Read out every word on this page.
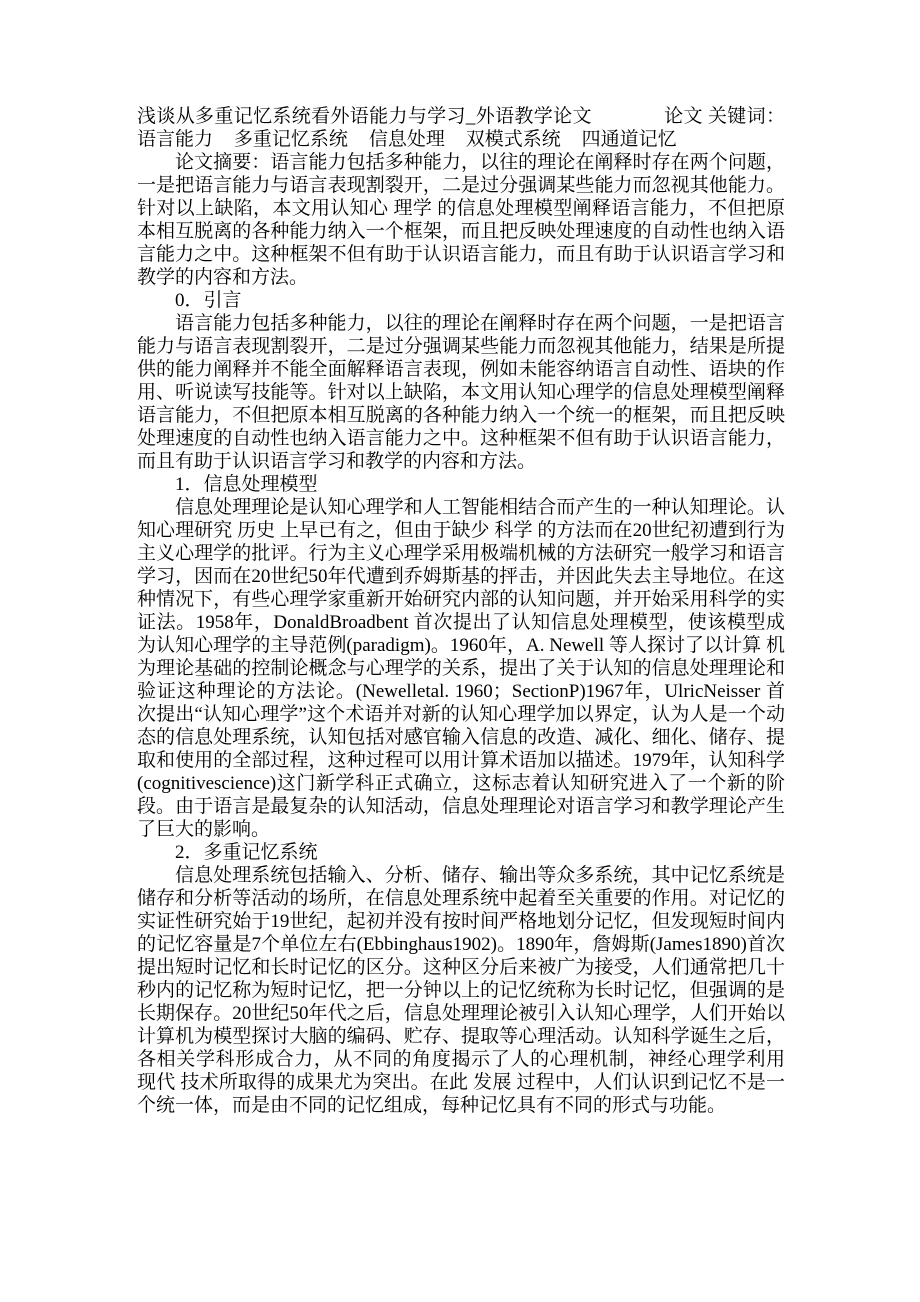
浅谈从多重记忆系统看外语能力与学习_外语教学论文	论文 关键词：语言能力 多重记忆系统 信息处理 双模式系统 四通道记忆

论文摘要：语言能力包括多种能力，以往的理论在阐释时存在两个问题，一是把语言能力与语言表现割裂开，二是过分强调某些能力而忽视其他能力。针对以上缺陷，本文用认知心 理学 的信息处理模型阐释语言能力，不但把原本相互脱离的各种能力纳入一个框架，而且把反映处理速度的自动性也纳入语言能力之中。这种框架不但有助于认识语言能力，而且有助于认识语言学习和教学的内容和方法。

0．引言

语言能力包括多种能力，以往的理论在阐释时存在两个问题，一是把语言能力与语言表现割裂开，二是过分强调某些能力而忽视其他能力，结果是所提供的能力阐释并不能全面解释语言表现，例如未能容纳语言自动性、语块的作用、听说读写技能等。针对以上缺陷，本文用认知心理学的信息处理模型阐释语言能力，不但把原本相互脱离的各种能力纳入一个统一的框架，而且把反映处理速度的自动性也纳入语言能力之中。这种框架不但有助于认识语言能力，而且有助于认识语言学习和教学的内容和方法。

1．信息处理模型

信息处理理论是认知心理学和人工智能相结合而产生的一种认知理论。认知心理研究 历史 上早已有之，但由于缺少 科学 的方法而在20世纪初遭到行为主义心理学的批评。行为主义心理学采用极端机械的方法研究一般学习和语言学习，因而在20世纪50年代遭到乔姆斯基的抨击，并因此失去主导地位。在这种情况下，有些心理学家重新开始研究内部的认知问题，并开始采用科学的实证法。1958年，DonaldBroadbent 首次提出了认知信息处理模型，使该模型成为认知心理学的主导范例(paradigm)。1960年，A. Newell 等人探讨了以计算 机为理论基础的控制论概念与心理学的关系，提出了关于认知的信息处理理论和验证这种理论的方法论。(Newelletal. 1960；SectionP)1967年，UlricNeisser 首次提出“认知心理学”这个术语并对新的认知心理学加以界定，认为人是一个动态的信息处理系统，认知包括对感官输入信息的改造、减化、细化、储存、提取和使用的全部过程，这种过程可以用计算术语加以描述。1979年，认知科学(cognitivescience)这门新学科正式确立，这标志着认知研究进入了一个新的阶段。由于语言是最复杂的认知活动，信息处理理论对语言学习和教学理论产生了巨大的影响。

2．多重记忆系统

信息处理系统包括输入、分析、储存、输出等众多系统，其中记忆系统是储存和分析等活动的场所，在信息处理系统中起着至关重要的作用。对记忆的实证性研究始于19世纪，起初并没有按时间严格地划分记忆，但发现短时间内的记忆容量是7个单位左右(Ebbinghaus1902)。1890年，詹姆斯(James1890)首次提出短时记忆和长时记忆的区分。这种区分后来被广为接受，人们通常把几十秒内的记忆称为短时记忆，把一分钟以上的记忆统称为长时记忆，但强调的是长期保存。20世纪50年代之后，信息处理理论被引入认知心理学，人们开始以计算机为模型探讨大脑的编码、贮存、提取等心理活动。认知科学诞生之后，各相关学科形成合力，从不同的角度揭示了人的心理机制，神经心理学利用 现代 技术所取得的成果尤为突出。在此 发展 过程中，人们认识到记忆不是一个统一体，而是由不同的记忆组成，每种记忆具有不同的形式与功能。
